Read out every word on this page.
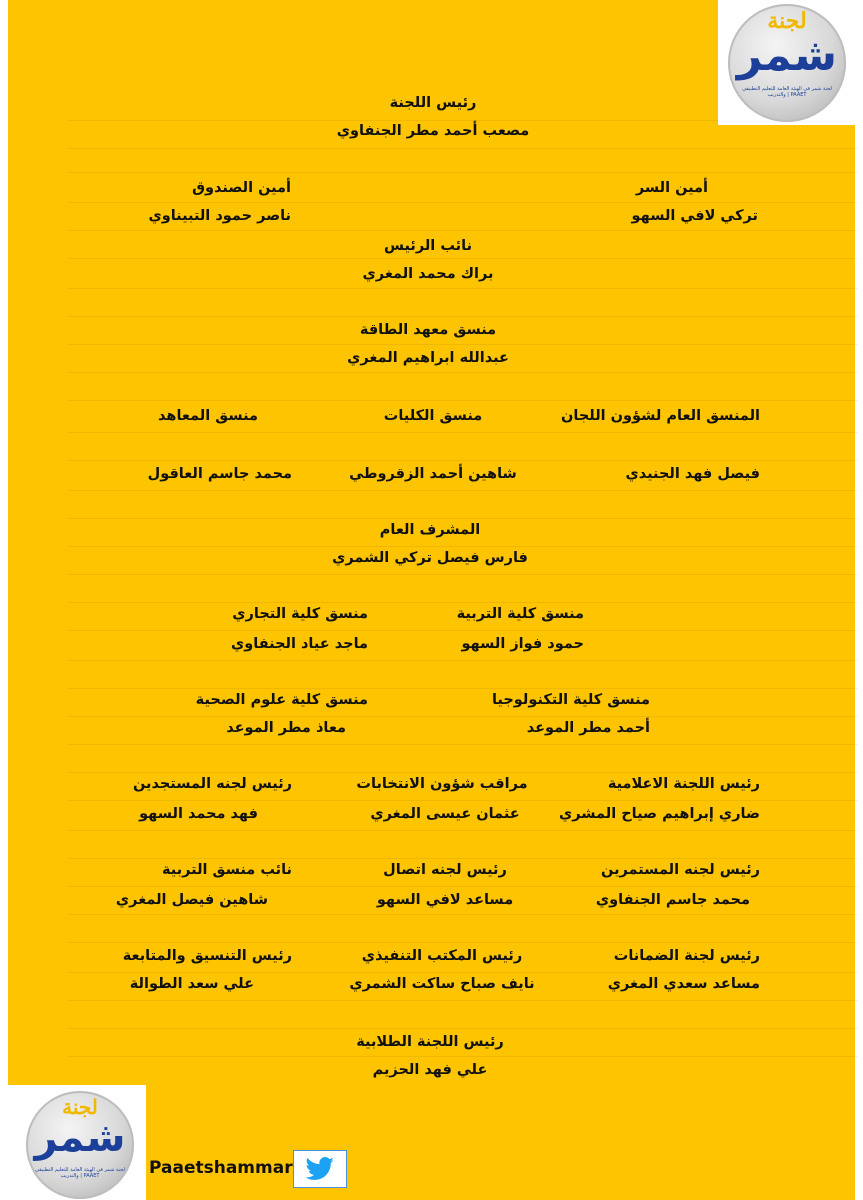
لجنة
شمر
لجنة شمر في الهيئة العامة للتعليم التطبيقي والتدريب | PAAET
لجنة
شمر
لجنة شمر في الهيئة العامة للتعليم التطبيقي والتدريب | PAAET
رئيس اللجنة
مصعب أحمد مطر الجنفاوي
أمين السر
تركي لافي السهو
أمين الصندوق
ناصر حمود التبيناوي
نائب الرئيس
براك محمد المغري
منسق معهد الطاقة
عبدالله ابراهيم المغري
المنسق العام لشؤون اللجان
فيصل فهد الجنيدي
منسق الكليات
شاهين أحمد الزقروطي
منسق المعاهد
محمد جاسم العاقول
المشرف العام
فارس فيصل تركي الشمري
منسق كلية التربية
حمود فواز السهو
منسق كلية التجاري
ماجد عياد الجنفاوي
منسق كلية التكنولوجيا
أحمد مطر الموعد
منسق كلية علوم الصحية
معاذ مطر الموعد
رئيس اللجنة الاعلامية
ضاري إبراهيم صياح المشري
مراقب شؤون الانتخابات
عثمان عيسى المغري
رئيس لجنه المستجدين
فهد محمد السهو
رئيس لجنه المستمرين
محمد جاسم الجنفاوي
رئيس لجنه اتصال
مساعد لافي السهو
نائب منسق التربية
شاهين فيصل المغري
رئيس لجنة الضمانات
مساعد سعدي المغري
رئيس المكتب التنفيذي
نايف صباح ساكت الشمري
رئيس التنسيق والمتابعة
علي سعد الطوالة
رئيس اللجنة الطلابية
علي فهد الحزيم
Paaetshammar
